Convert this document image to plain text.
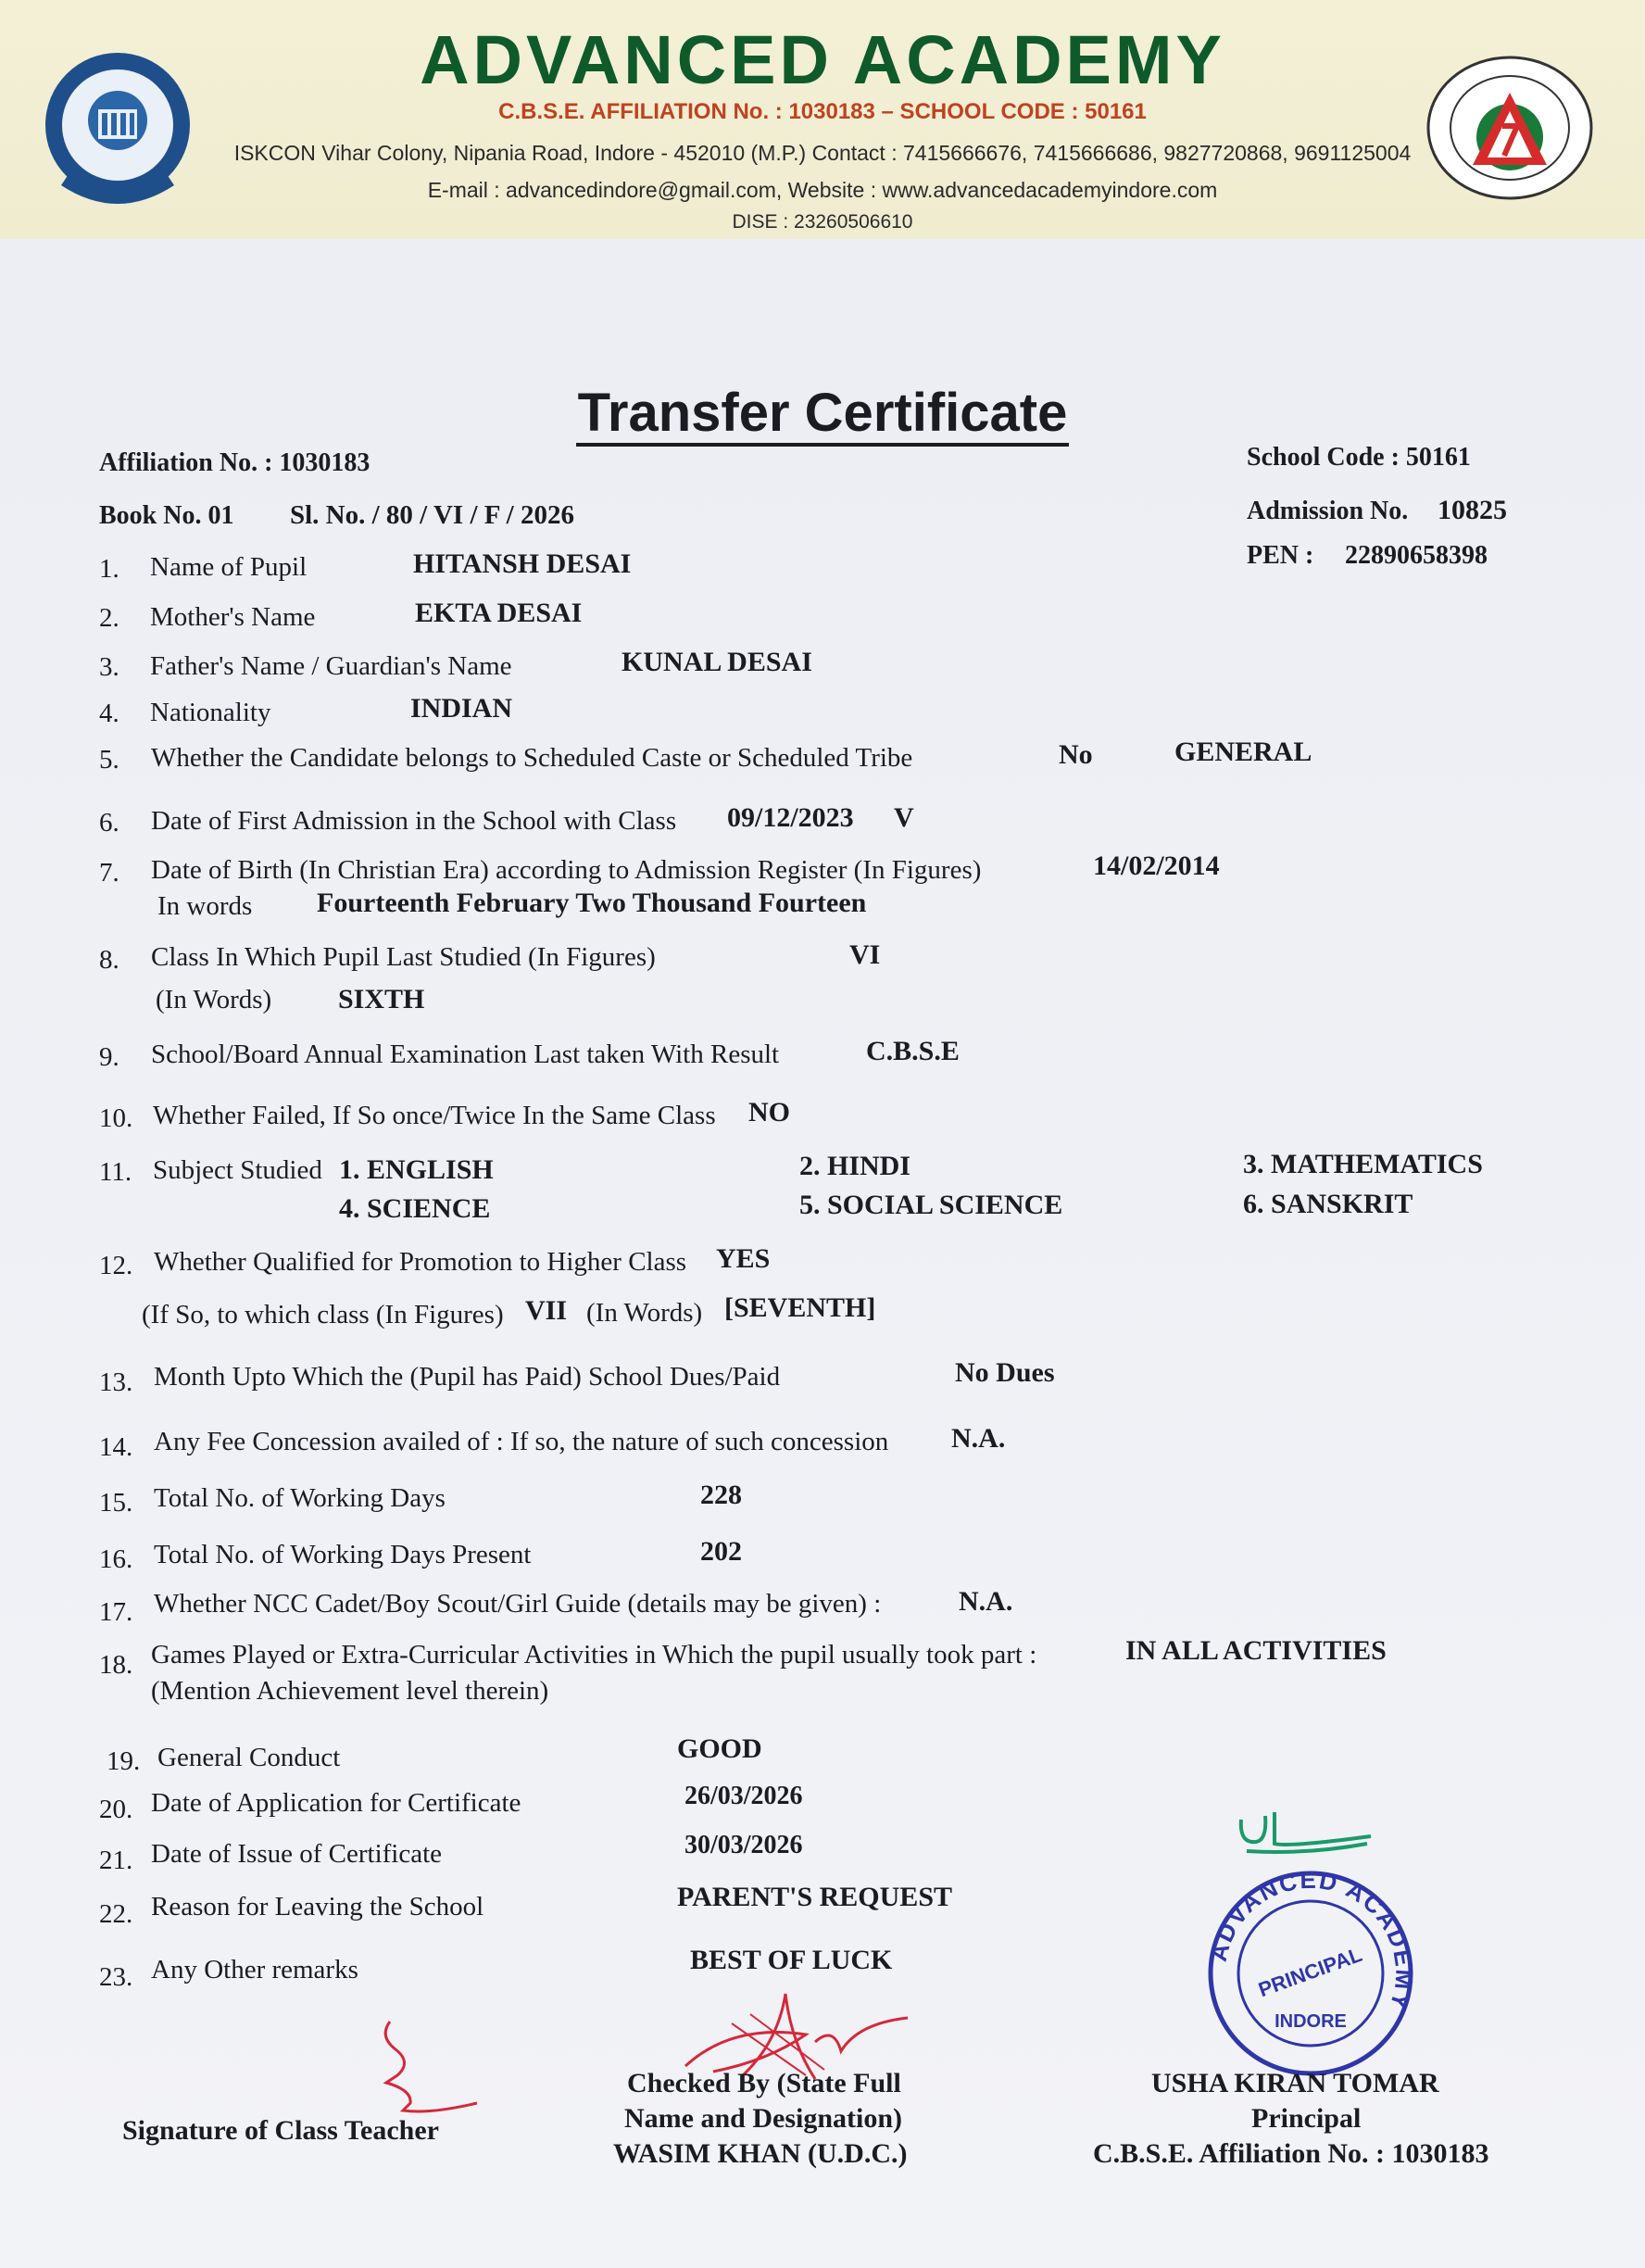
ADVANCED ACADEMY
C.B.S.E. AFFILIATION No. : 1030183 – SCHOOL CODE : 50161
ISKCON Vihar Colony, Nipania Road, Indore - 452010 (M.P.) Contact : 7415666676, 7415666686, 9827720868, 9691125004
E-mail : advancedindore@gmail.com, Website : www.advancedacademyindore.com
DISE : 23260506610
Transfer Certificate
Affiliation No. : 1030183	School Code : 50161
Book No. 01 Sl. No. / 80 / VI / F / 2026	Admission No. 10825
PEN : 22890658398
1. Name of Pupil	HITANSH DESAI
2. Mother's Name	EKTA DESAI
3. Father's Name / Guardian's Name	KUNAL DESAI
4. Nationality	INDIAN
5. Whether the Candidate belongs to Scheduled Caste or Scheduled Tribe	No	GENERAL
6. Date of First Admission in the School with Class 09/12/2023 V
7. Date of Birth (In Christian Era) according to Admission Register (In Figures)	14/02/2014
In words Fourteenth February Two Thousand Fourteen
8. Class In Which Pupil Last Studied (In Figures)	VI
(In Words) SIXTH
9. School/Board Annual Examination Last taken With Result	C.B.S.E
10. Whether Failed, If So once/Twice In the Same Class NO
11. Subject Studied 1. ENGLISH	2. HINDI	3. MATHEMATICS
4. SCIENCE	5. SOCIAL SCIENCE	6. SANSKRIT
12. Whether Qualified for Promotion to Higher Class YES
(If So, to which class (In Figures) VII (In Words) [SEVENTH]
13. Month Upto Which the (Pupil has Paid) School Dues/Paid	No Dues
14. Any Fee Concession availed of : If so, the nature of such concession N.A.
15. Total No. of Working Days	228
16. Total No. of Working Days Present	202
17. Whether NCC Cadet/Boy Scout/Girl Guide (details may be given) :	N.A.
18. Games Played or Extra-Curricular Activities in Which the pupil usually took part :	IN ALL ACTIVITIES
(Mention Achievement level therein)
19. General Conduct	GOOD
20. Date of Application for Certificate	26/03/2026
21. Date of Issue of Certificate	30/03/2026
22. Reason for Leaving the School	PARENT'S REQUEST
23. Any Other remarks	BEST OF LUCK	ADVANCED ACADEMY
PRINCIPAL
INDORE
Signature of Class Teacher
Checked By (State Full
Name and Designation)
WASIM KHAN (U.D.C.)
USHA KIRAN TOMAR
Principal
C.B.S.E. Affiliation No. : 1030183
